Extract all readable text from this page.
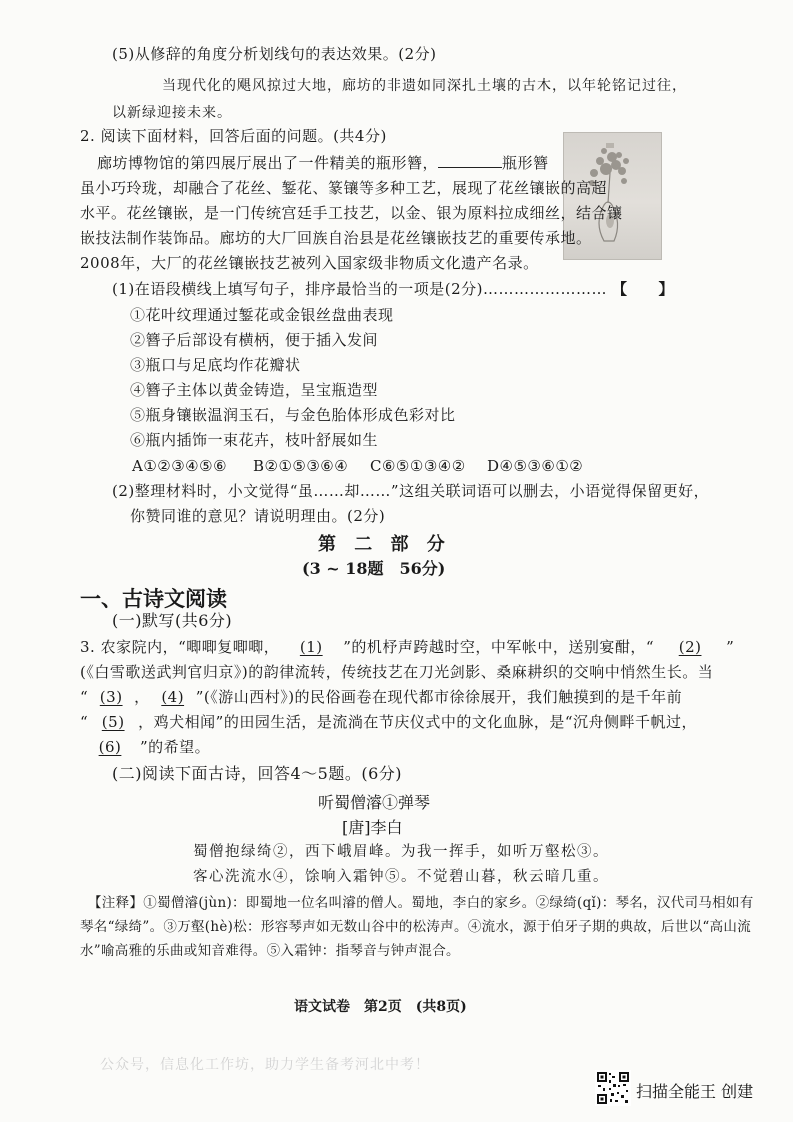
(5)从修辞的角度分析划线句的表达效果。(2分)
当现代化的飓风掠过大地，廊坊的非遗如同深扎土壤的古木，以年轮铭记过往，
以新绿迎接未来。
2. 阅读下面材料，回答后面的问题。(共4分)
廊坊博物馆的第四展厅展出了一件精美的瓶形簪，	瓶形簪
虽小巧玲珑，却融合了花丝、錾花、篆镶等多种工艺，展现了花丝镶嵌的高超
水平。花丝镶嵌，是一门传统宫廷手工技艺，以金、银为原料拉成细丝，结合镶
嵌技法制作装饰品。廊坊的大厂回族自治县是花丝镶嵌技艺的重要传承地。
2008年，大厂的花丝镶嵌技艺被列入国家级非物质文化遗产名录。
(1)在语段横线上填写句子，排序最恰当的一项是(2分)…………………… 【　　】
①花叶纹理通过錾花或金银丝盘曲表现
②簪子后部设有横柄，便于插入发间
③瓶口与足底均作花瓣状
④簪子主体以黄金铸造，呈宝瓶造型
⑤瓶身镶嵌温润玉石，与金色胎体形成色彩对比
⑥瓶内插饰一束花卉，枝叶舒展如生
A①②③④⑤⑥ B②①⑤③⑥④ C⑥⑤①③④② D④⑤③⑥①②
(2)整理材料时，小文觉得“虽……却……”这组关联词语可以删去，小语觉得保留更好，
你赞同谁的意见？请说明理由。(2分)
第 二 部 分
(3 ~ 18题　56分)
一、古诗文阅读
(一)默写(共6分)
3. 农家院内，“唧唧复唧唧， (1) ”的机杼声跨越时空，中军帐中，送别宴酣，“ (2) ”
(《白雪歌送武判官归京》)的韵律流转，传统技艺在刀光剑影、桑麻耕织的交响中悄然生长。当
“ (3) ， (4) ”(《游山西村》)的民俗画卷在现代都市徐徐展开，我们触摸到的是千年前
“ (5) ，鸡犬相闻”的田园生活，是流淌在节庆仪式中的文化血脉，是“沉舟侧畔千帆过，
(6) ”的希望。
(二)阅读下面古诗，回答4～5题。(6分)
听蜀僧濬①弹琴
[唐]李白
蜀僧抱绿绮②，西下峨眉峰。为我一挥手，如听万壑松③。
客心洗流水④，馀响入霜钟⑤。不觉碧山暮，秋云暗几重。
【注释】①蜀僧濬(jùn)：即蜀地一位名叫濬的僧人。蜀地，李白的家乡。②绿绮(qǐ)：琴名，汉代司马相如有
琴名“绿绮”。③万壑(hè)松：形容琴声如无数山谷中的松涛声。④流水，源于伯牙子期的典故，后世以“高山流
水”喻高雅的乐曲或知音难得。⑤入霜钟：指琴音与钟声混合。
语文试卷　第2页　(共8页)
公众号，信息化工作坊，助力学生备考河北中考！
扫描全能王 创建
